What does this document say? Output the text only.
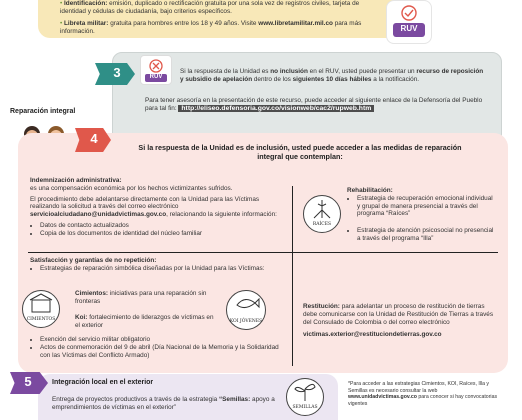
• Identificación: emisión, duplicado o rectificación gratuita por una sola vez de registros civiles, tarjeta de identidad y cédulas de ciudadanía, bajo criterios específicos.
• Libreta militar: gratuita para hombres entre los 18 y 49 años. Visite www.libretamilitar.mil.co para más información.	RUV
3	RUV
Si la respuesta de la Unidad es no inclusión en el RUV, usted puede presentar un recurso de reposición y subsidio de apelación dentro de los siguientes 10 días hábiles a la notificación.
Para tener asesoría en la presentación de este recurso, puede acceder al siguiente enlace de la Defensoría del Pueblo para tal fin: http://eliseo.defensoria.gov.co/visionweb/cac2/rupweb.htm
Reparación integral
4
Si la respuesta de la Unidad es de inclusión, usted puede acceder a las medidas de reparación integral que contemplan:
Indemnización administrativa:
es una compensación económica por los hechos victimizantes sufridos.
El procedimiento debe adelantarse directamente con la Unidad para las Víctimas realizando la solicitud a través del correo electrónico servicioalciudadano@unidadvictimas.gov.co, relacionando la siguiente información:
• Datos de contacto actualizados
• Copia de los documentos de identidad del núcleo familiar
RAÍCES
Rehabilitación:
• Estrategia de recuperación emocional individual y grupal de manera presencial a través del programa “Raíces”
• Estrategia de atención psicosocial no presencial a través del programa “Illa”
Satisfacción y garantías de no repetición:
• Estrategias de reparación simbólica diseñadas por la Unidad para las Víctimas:
CIMIENTOS
Cimientos: iniciativas para una reparación sin fronteras
Koi: fortalecimiento de liderazgos de víctimas en el exterior
KOI JÓVENES
• Exención del servicio militar obligatorio
• Actos de conmemoración del 9 de abril (Día Nacional de la Memoria y la Solidaridad con las Víctimas del Conflicto Armado)
Restitución: para adelantar un proceso de restitución de tierras debe comunicarse con la Unidad de Restitución de Tierras a través del Consulado de Colombia o del correo electrónico
victimas.exterior@restituciondetierras.gov.co
5	Integración local en el exterior
Entrega de proyectos productivos a través de la estrategia “Semillas: apoyo a emprendimientos de víctimas en el exterior”	SEMILLAS
*Para acceder a las estrategias Cimientos, KOI, Raíces, Illa y Semillas es necesario consultar la web www.unidadvictimas.gov.co para conocer si hay convocatorias vigentes
